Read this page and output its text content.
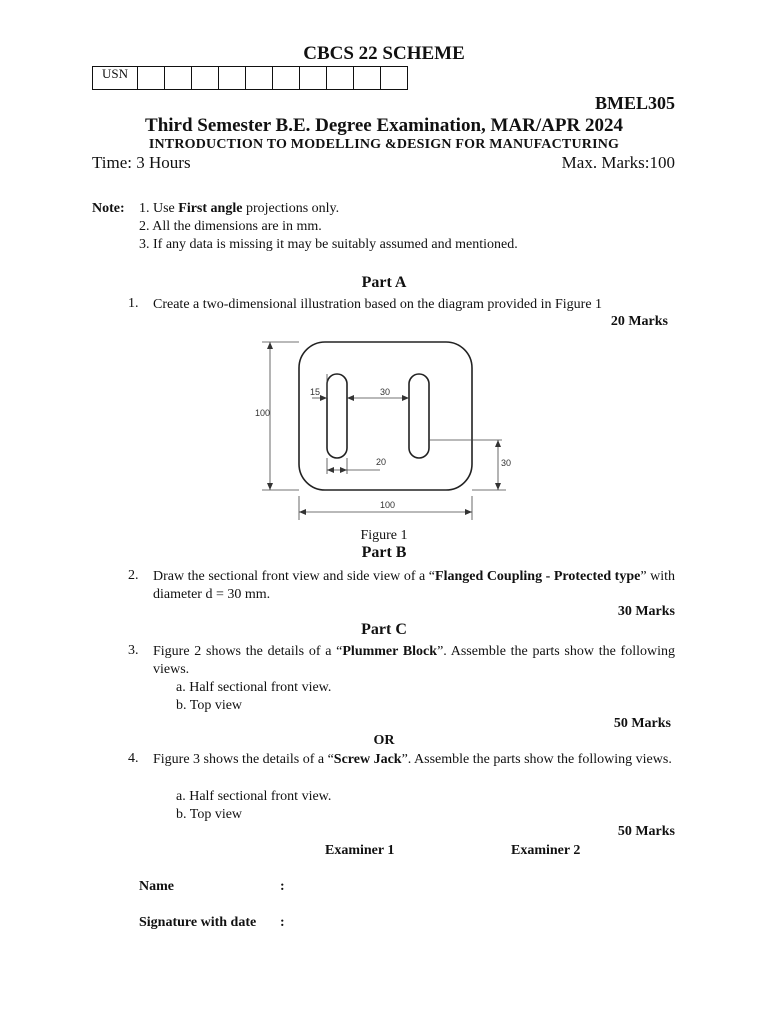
CBCS 22 SCHEME
USN										
BMEL305
Third Semester B.E. Degree Examination, MAR/APR 2024
INTRODUCTION TO MODELLING &DESIGN FOR MANUFACTURING
Time: 3 Hours	Max. Marks:100
Note: 1. Use First angle projections only.
2. All the dimensions are in mm.
3. If any data is missing it may be suitably assumed and mentioned.
Part A
1. Create a two-dimensional illustration based on the diagram provided in Figure 1
20 Marks
100
100
15	30
20	30
Figure 1
Part B
2. Draw the sectional front view and side view of a “Flanged Coupling - Protected type” with diameter d = 30 mm.
30 Marks
Part C
3. Figure 2 shows the details of a “Plummer Block”. Assemble the parts show the following views.
a. Half sectional front view.
b. Top view
50 Marks
OR
4. Figure 3 shows the details of a “Screw Jack”. Assemble the parts show the following views.
a. Half sectional front view.
b. Top view
50 Marks
Examiner 1	Examiner 2
Name	:
Signature with date :
